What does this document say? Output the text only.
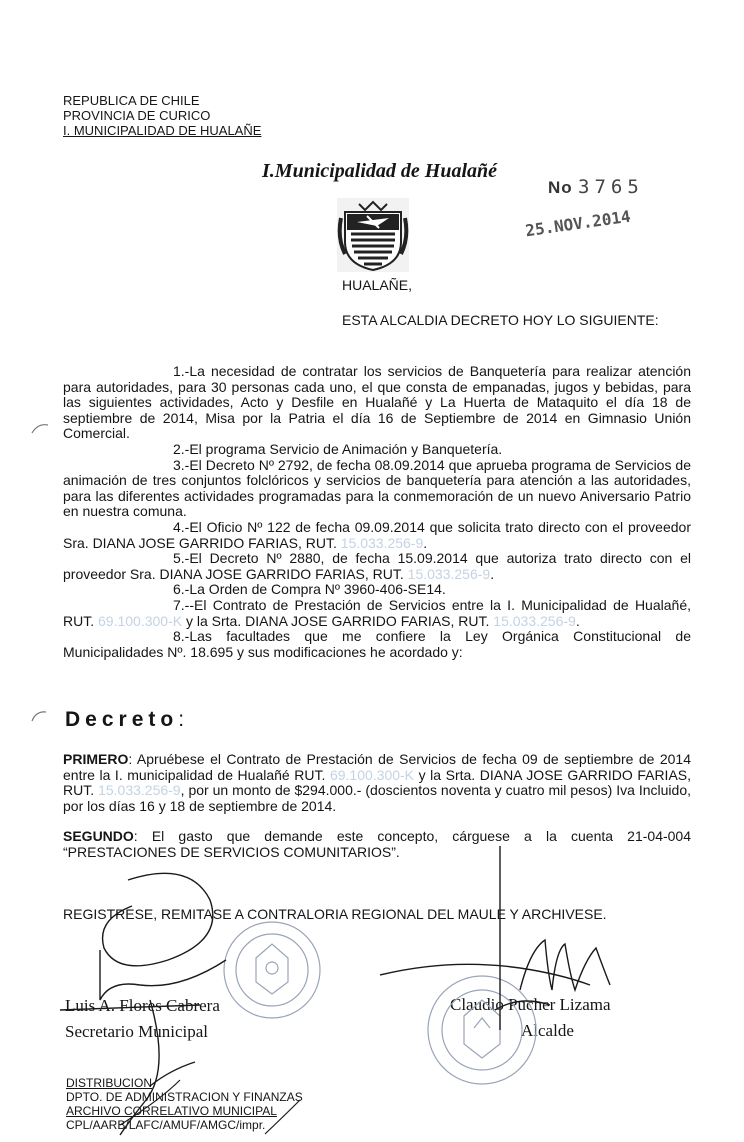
REPUBLICA DE CHILE
PROVINCIA DE CURICO
I. MUNICIPALIDAD DE HUALAÑE
I.Municipalidad de Hualañé
No 3765
25.NOV.2014
HUALAÑE,
ESTA ALCALDIA DECRETO HOY LO SIGUIENTE:

1.-La necesidad de contratar los servicios de Banquetería para realizar atención para autoridades, para 30 personas cada uno, el que consta de empanadas, jugos y bebidas, para las siguientes actividades, Acto y Desfile en Hualañé y La Huerta de Mataquito el día 18 de septiembre de 2014, Misa por la Patria el día 16 de Septiembre de 2014 en Gimnasio Unión Comercial.

2.-El programa Servicio de Animación y Banquetería.

3.-El Decreto Nº 2792, de fecha 08.09.2014 que aprueba programa de Servicios de animación de tres conjuntos folclóricos y servicios de banquetería para atención a las autoridades, para las diferentes actividades programadas para la conmemoración de un nuevo Aniversario Patrio en nuestra comuna.

4.-El Oficio Nº 122 de fecha 09.09.2014 que solicita trato directo con el proveedor Sra. DIANA JOSE GARRIDO FARIAS, RUT. 15.033.256-9.

5.-El Decreto Nº 2880, de fecha 15.09.2014 que autoriza trato directo con el proveedor Sra. DIANA JOSE GARRIDO FARIAS, RUT. 15.033.256-9.

6.-La Orden de Compra Nº 3960-406-SE14.

7.--El Contrato de Prestación de Servicios entre la I. Municipalidad de Hualañé, RUT. 69.100.300-K y la Srta. DIANA JOSE GARRIDO FARIAS, RUT. 15.033.256-9.

8.-Las facultades que me confiere la Ley Orgánica Constitucional de Municipalidades Nº. 18.695 y sus modificaciones he acordado y:

Decreto:

PRIMERO: Apruébese el Contrato de Prestación de Servicios de fecha 09 de septiembre de 2014 entre la I. municipalidad de Hualañé RUT. 69.100.300-K y la Srta. DIANA JOSE GARRIDO FARIAS, RUT. 15.033.256-9, por un monto de $294.000.- (doscientos noventa y cuatro mil pesos) Iva Incluido, por los días 16 y 18 de septiembre de 2014.

SEGUNDO: El gasto que demande este concepto, cárguese a la cuenta 21-04-004 “PRESTACIONES DE SERVICIOS COMUNITARIOS”.

REGISTRESE, REMITASE A CONTRALORIA REGIONAL DEL MAULE Y ARCHIVESE.
Luis A. Flores Cabrera
Secretario Municipal
Claudio Pucher Lizama
Alcalde
DISTRIBUCION
DPTO. DE ADMINISTRACION Y FINANZAS
ARCHIVO CORRELATIVO MUNICIPAL
CPL/AARB/LAFC/AMUF/AMGC/impr.
